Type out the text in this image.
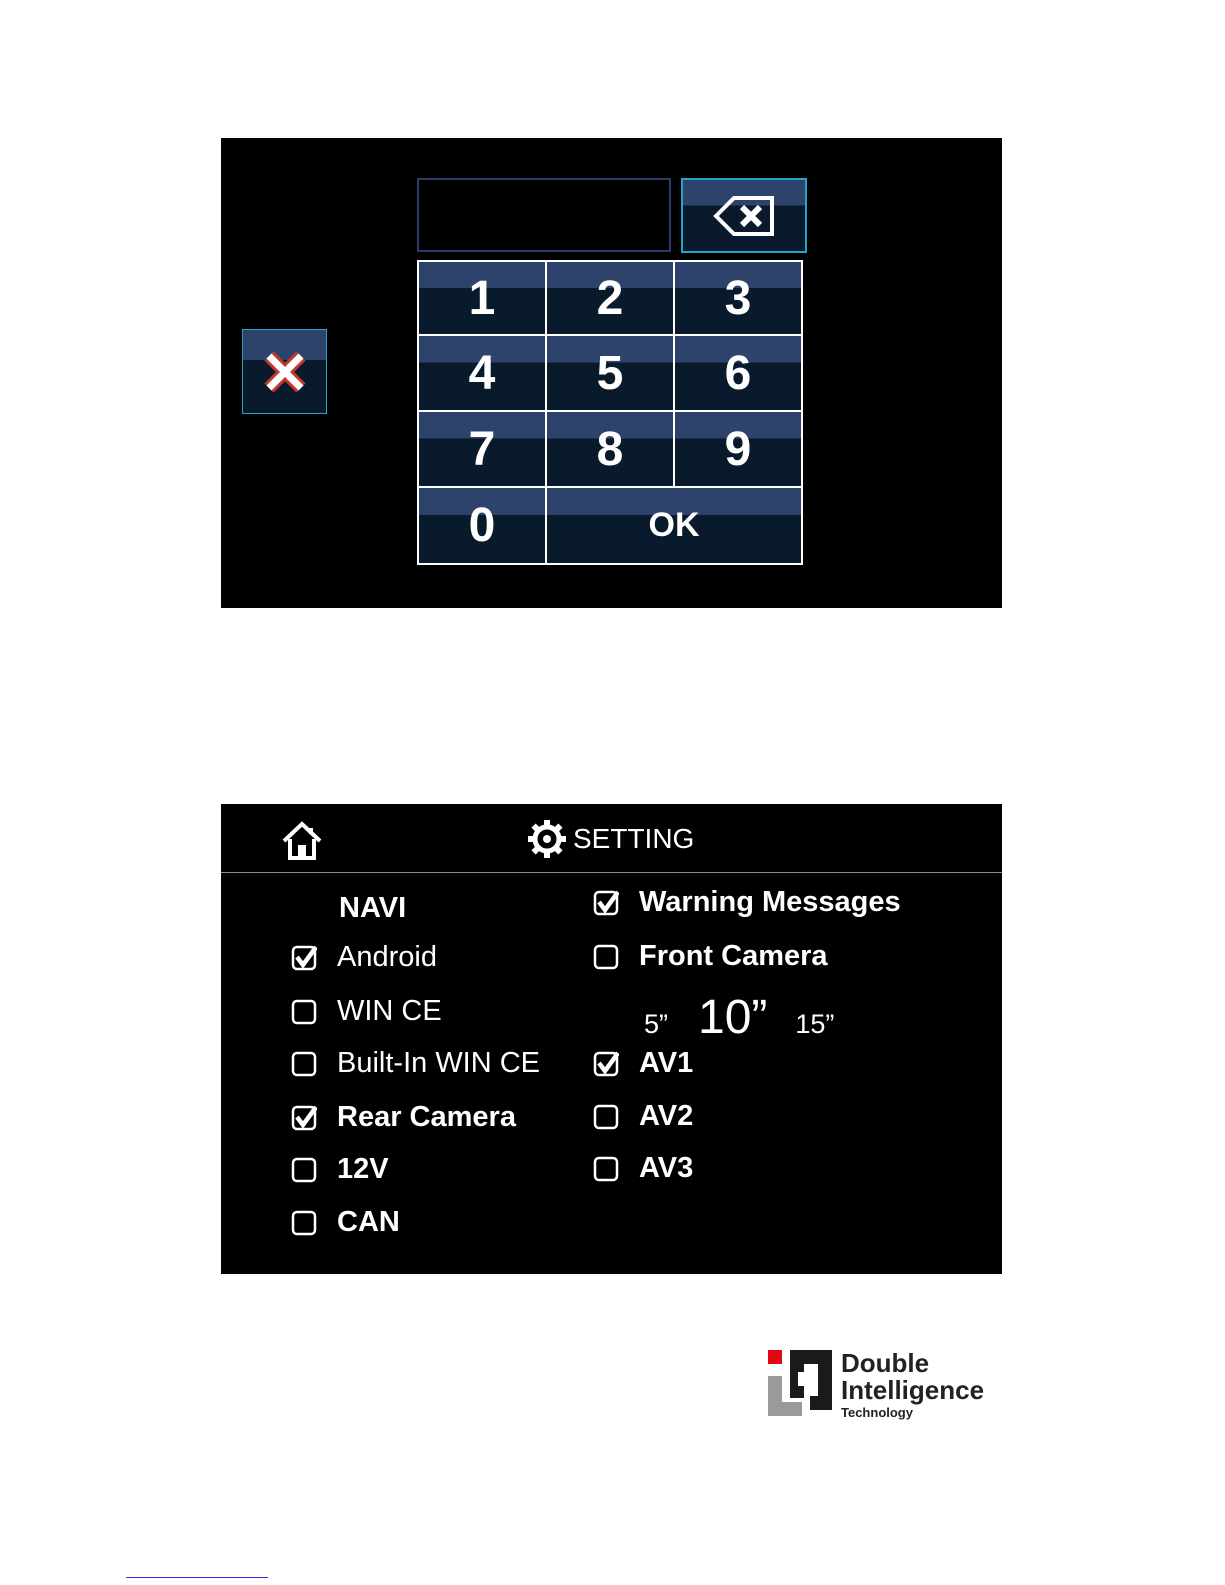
1	2	3
4	5	6
7	8	9
0	OK
SETTING
NAVI
Android
WIN CE
Built-In WIN CE
Rear Camera
12V
CAN
Warning Messages
Front Camera
AV1
AV2
AV3
5” 10” 15”
Double
Intelligence
Technology
